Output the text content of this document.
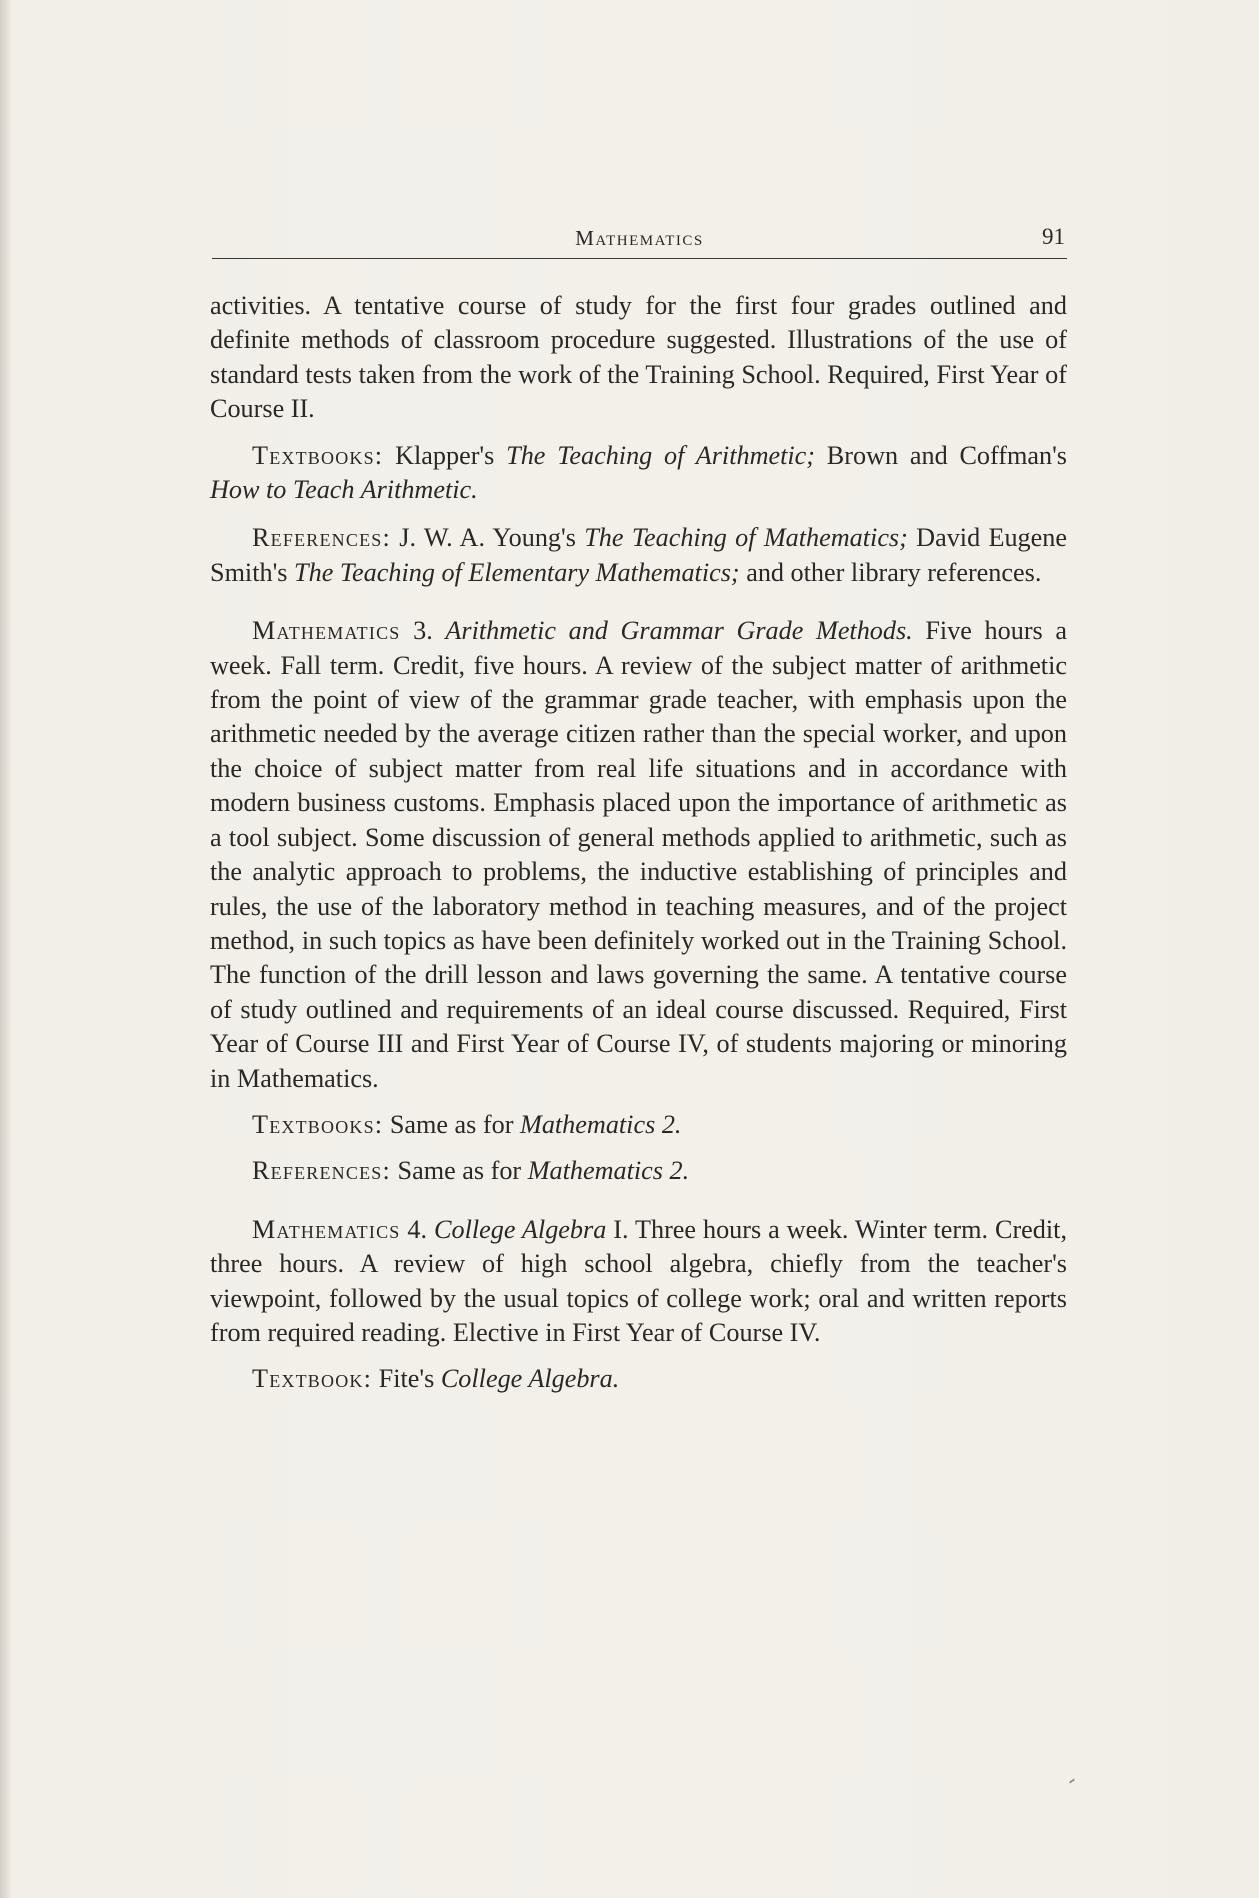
Mathematics	91

activities. A tentative course of study for the first four grades outlined and definite methods of classroom procedure suggested. Illustrations of the use of standard tests taken from the work of the Training School. Required, First Year of Course II.

Textbooks: Klapper's The Teaching of Arithmetic; Brown and Coffman's How to Teach Arithmetic.

References: J. W. A. Young's The Teaching of Mathematics; David Eugene Smith's The Teaching of Elementary Mathematics; and other library references.

Mathematics 3. Arithmetic and Grammar Grade Methods. Five hours a week. Fall term. Credit, five hours. A review of the subject matter of arithmetic from the point of view of the grammar grade teacher, with emphasis upon the arithmetic needed by the average citizen rather than the special worker, and upon the choice of subject matter from real life situations and in accordance with modern business customs. Emphasis placed upon the importance of arithmetic as a tool subject. Some discussion of general methods applied to arithmetic, such as the analytic approach to problems, the inductive establishing of principles and rules, the use of the laboratory method in teaching measures, and of the project method, in such topics as have been definitely worked out in the Training School. The function of the drill lesson and laws governing the same. A tentative course of study outlined and requirements of an ideal course discussed. Required, First Year of Course III and First Year of Course IV, of students majoring or minoring in Mathematics.

Textbooks: Same as for Mathematics 2.

References: Same as for Mathematics 2.

Mathematics 4. College Algebra I. Three hours a week. Winter term. Credit, three hours. A review of high school algebra, chiefly from the teacher's viewpoint, followed by the usual topics of college work; oral and written reports from required reading. Elective in First Year of Course IV.

Textbook: Fite's College Algebra.
